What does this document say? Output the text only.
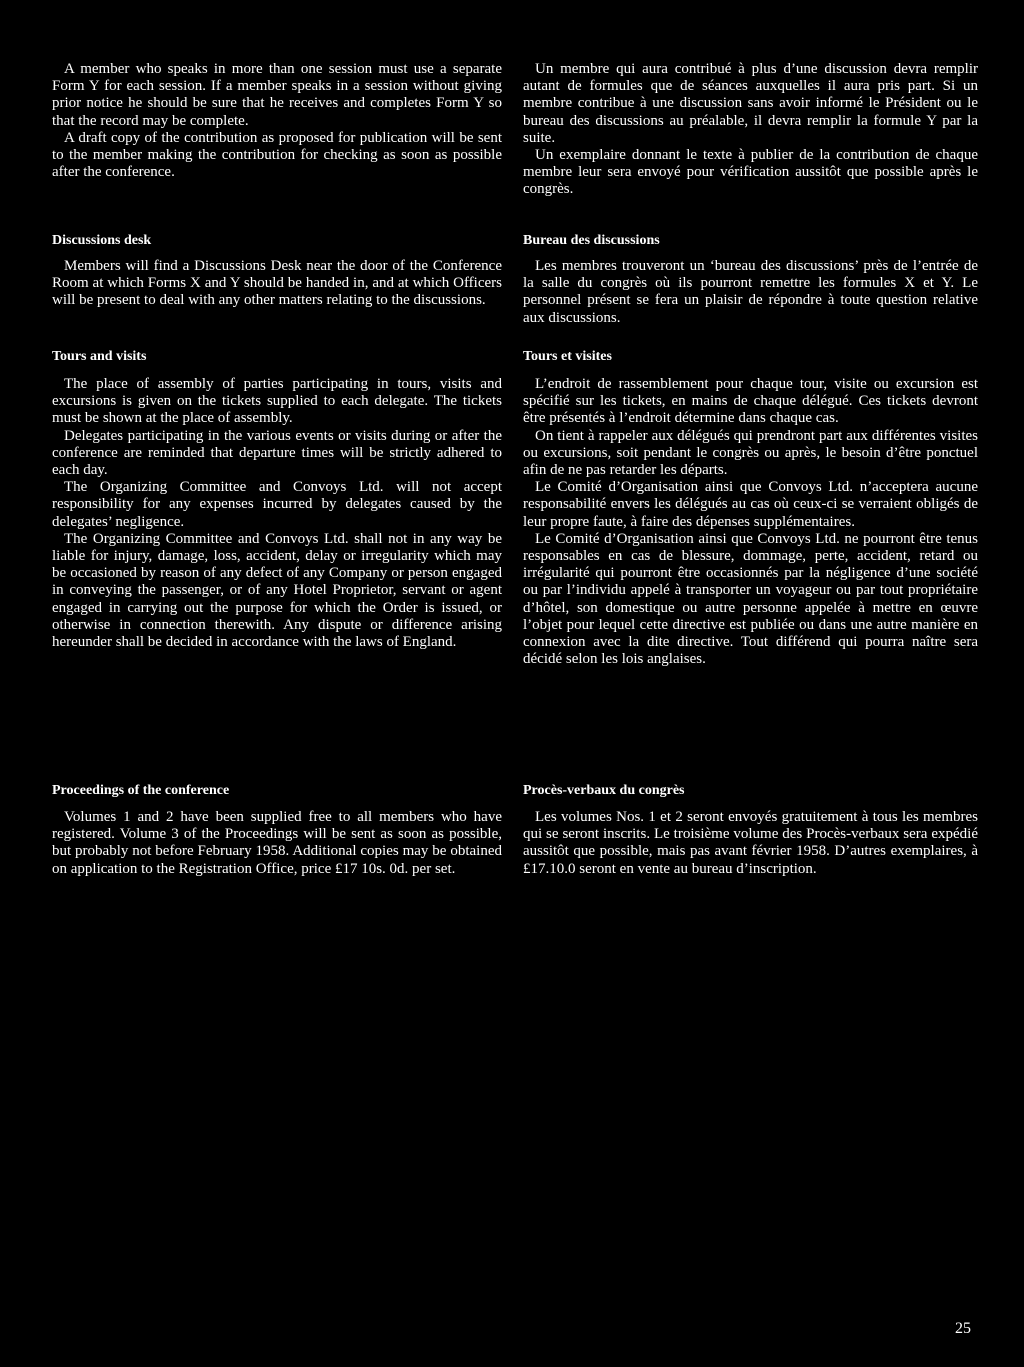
A member who speaks in more than one session must use a separate Form Y for each session. If a member speaks in a session without giving prior notice he should be sure that he receives and completes Form Y so that the record may be complete.

A draft copy of the contribution as proposed for publication will be sent to the member making the contribution for checking as soon as possible after the conference.

Discussions desk

Members will find a Discussions Desk near the door of the Conference Room at which Forms X and Y should be handed in, and at which Officers will be present to deal with any other matters relating to the discussions.

Tours and visits

The place of assembly of parties participating in tours, visits and excursions is given on the tickets supplied to each delegate. The tickets must be shown at the place of assembly.

Delegates participating in the various events or visits during or after the conference are reminded that departure times will be strictly adhered to each day.

The Organizing Committee and Convoys Ltd. will not accept responsibility for any expenses incurred by delegates caused by the delegates’ negligence.

The Organizing Committee and Convoys Ltd. shall not in any way be liable for injury, damage, loss, accident, delay or irregularity which may be occasioned by reason of any defect of any Company or person engaged in conveying the passenger, or of any Hotel Proprietor, servant or agent engaged in carrying out the purpose for which the Order is issued, or otherwise in connection therewith. Any dispute or difference arising hereunder shall be decided in accordance with the laws of England.

Proceedings of the conference

Volumes 1 and 2 have been supplied free to all members who have registered. Volume 3 of the Proceedings will be sent as soon as possible, but probably not before February 1958. Additional copies may be obtained on application to the Registration Office, price £17 10s. 0d. per set.

Un membre qui aura contribué à plus d’une discussion devra remplir autant de formules que de séances auxquelles il aura pris part. Si un membre contribue à une discussion sans avoir informé le Président ou le bureau des discussions au préalable, il devra remplir la formule Y par la suite.

Un exemplaire donnant le texte à publier de la contribution de chaque membre leur sera envoyé pour vérification aussitôt que possible après le congrès.

Bureau des discussions

Les membres trouveront un ‘bureau des discussions’ près de l’entrée de la salle du congrès où ils pourront remettre les formules X et Y. Le personnel présent se fera un plaisir de répondre à toute question relative aux discussions.

Tours et visites

L’endroit de rassemblement pour chaque tour, visite ou excursion est spécifié sur les tickets, en mains de chaque délégué. Ces tickets devront être présentés à l’endroit détermine dans chaque cas.

On tient à rappeler aux délégués qui prendront part aux différentes visites ou excursions, soit pendant le congrès ou après, le besoin d’être ponctuel afin de ne pas retarder les départs.

Le Comité d’Organisation ainsi que Convoys Ltd. n’acceptera aucune responsabilité envers les délégués au cas où ceux-ci se verraient obligés de leur propre faute, à faire des dépenses supplémentaires.

Le Comité d’Organisation ainsi que Convoys Ltd. ne pourront être tenus responsables en cas de blessure, dommage, perte, accident, retard ou irrégularité qui pourront être occasionnés par la négligence d’une société ou par l’individu appelé à transporter un voyageur ou par tout propriétaire d’hôtel, son domestique ou autre personne appelée à mettre en œuvre l’objet pour lequel cette directive est publiée ou dans une autre manière en connexion avec la dite directive. Tout différend qui pourra naître sera décidé selon les lois anglaises.

Procès-verbaux du congrès

Les volumes Nos. 1 et 2 seront envoyés gratuitement à tous les membres qui se seront inscrits. Le troisième volume des Procès-verbaux sera expédié aussitôt que possible, mais pas avant février 1958. D’autres exemplaires, à £17.10.0 seront en vente au bureau d’inscription.

25
